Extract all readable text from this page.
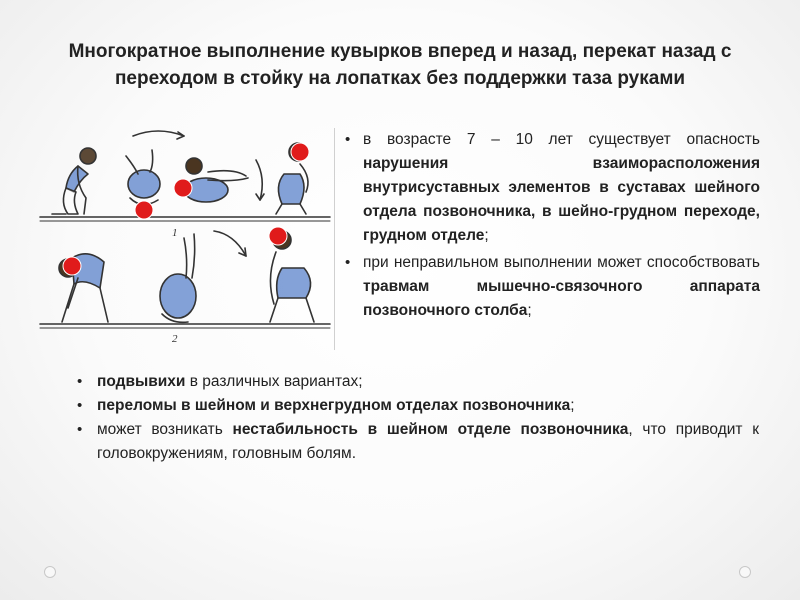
Многократное выполнение кувырков вперед и назад, перекат назад с переходом в стойку на лопатках без поддержки таза руками
1
2
• в возрасте 7 – 10 лет существует опасность нарушения взаиморасположения внутрисуставных элементов в суставах шейного отдела позвоночника, в шейно-грудном переходе, грудном отделе;
• при неправильном выполнении может способствовать травмам мышечно-связочного аппарата позвоночного столба;
• подвывихи в различных вариантах;
• переломы в шейном и верхнегрудном отделах позвоночника;
• может возникать нестабильность в шейном отделе позвоночника, что приводит к головокружениям, головным болям.
